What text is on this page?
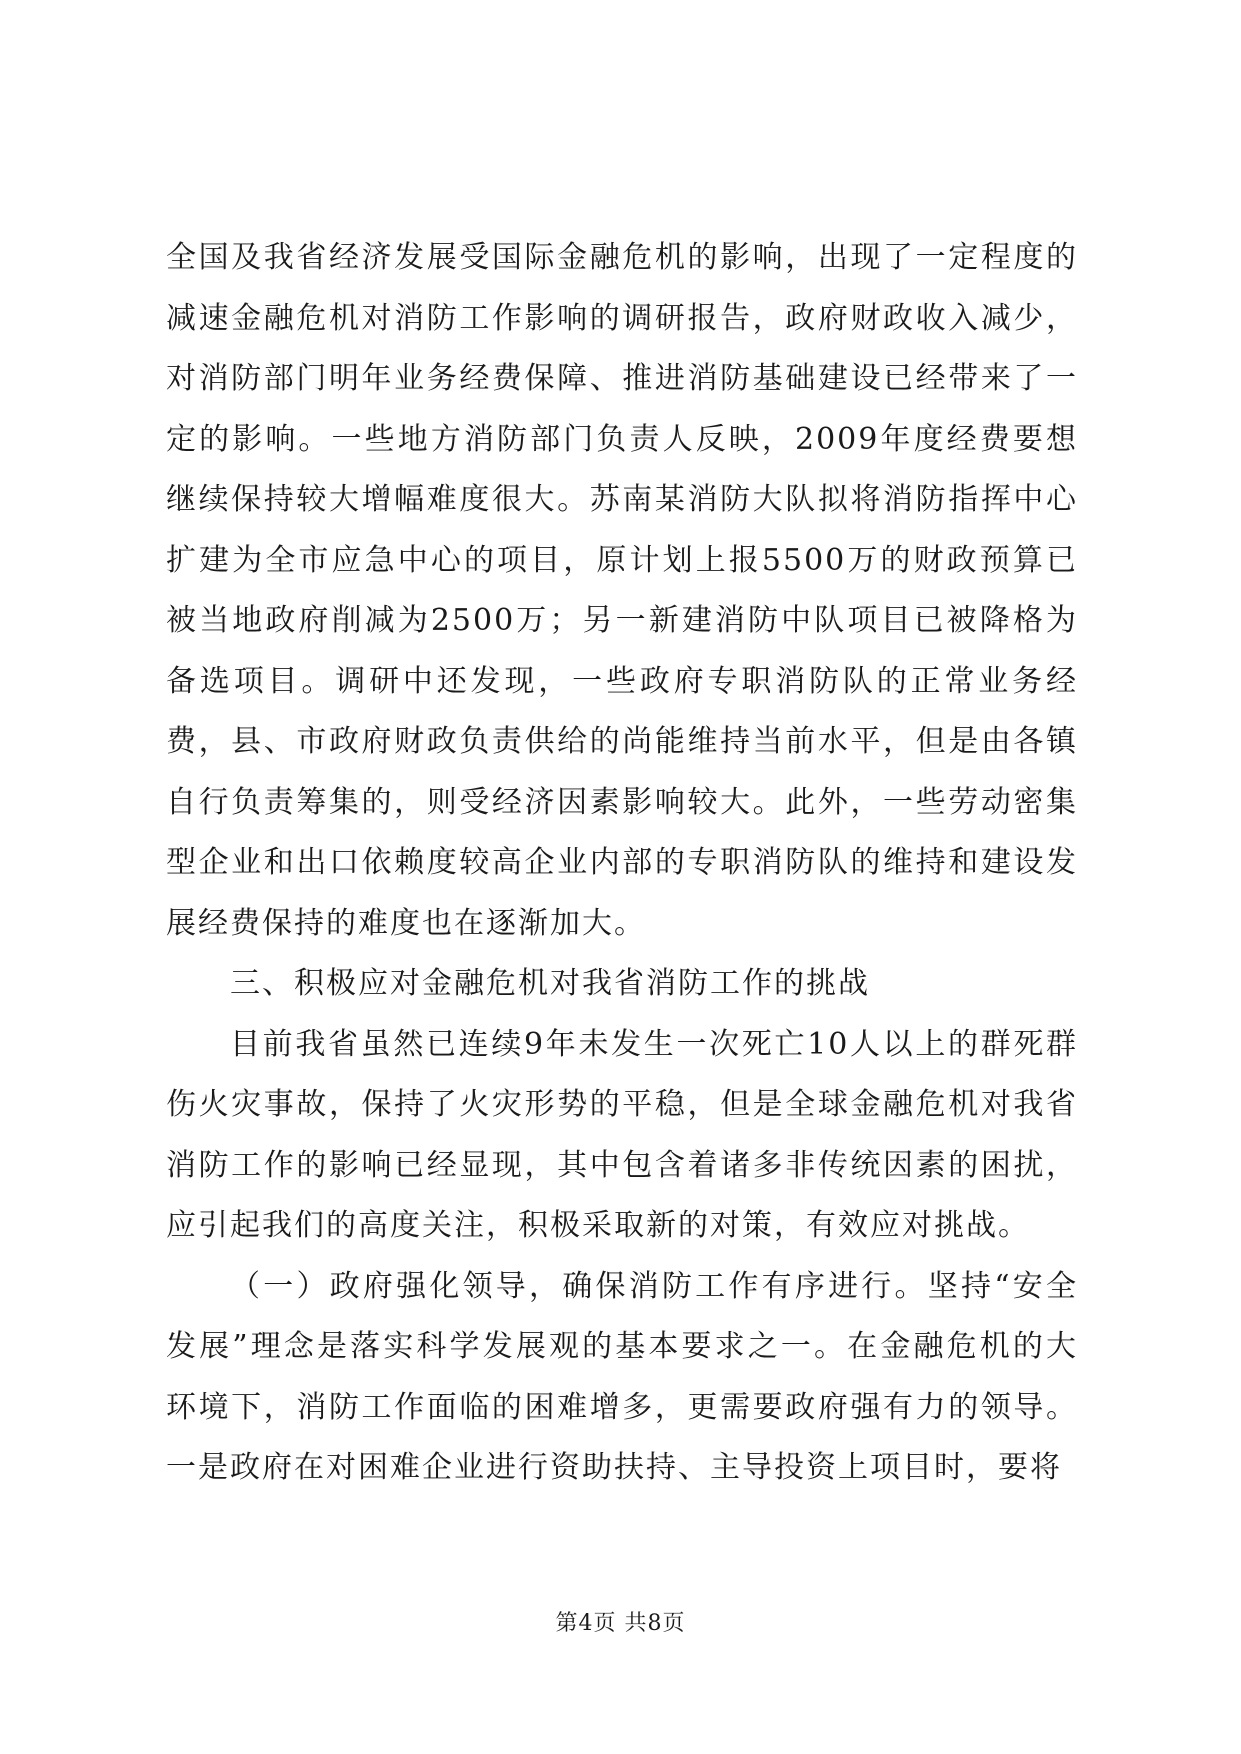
全国及我省经济发展受国际金融危机的影响，出现了一定程度的减速金融危机对消防工作影响的调研报告，政府财政收入减少，对消防部门明年业务经费保障、推进消防基础建设已经带来了一定的影响。一些地方消防部门负责人反映，2009年度经费要想继续保持较大增幅难度很大。苏南某消防大队拟将消防指挥中心扩建为全市应急中心的项目，原计划上报5500万的财政预算已被当地政府削减为2500万；另一新建消防中队项目已被降格为备选项目。调研中还发现，一些政府专职消防队的正常业务经费，县、市政府财政负责供给的尚能维持当前水平，但是由各镇自行负责筹集的，则受经济因素影响较大。此外，一些劳动密集型企业和出口依赖度较高企业内部的专职消防队的维持和建设发展经费保持的难度也在逐渐加大。

三、积极应对金融危机对我省消防工作的挑战

目前我省虽然已连续9年未发生一次死亡10人以上的群死群伤火灾事故，保持了火灾形势的平稳，但是全球金融危机对我省消防工作的影响已经显现，其中包含着诸多非传统因素的困扰，应引起我们的高度关注，积极采取新的对策，有效应对挑战。

（一）政府强化领导，确保消防工作有序进行。坚持“安全发展”理念是落实科学发展观的基本要求之一。在金融危机的大环境下，消防工作面临的困难增多，更需要政府强有力的领导。一是政府在对困难企业进行资助扶持、主导投资上项目时，要将

第4页 共8页
